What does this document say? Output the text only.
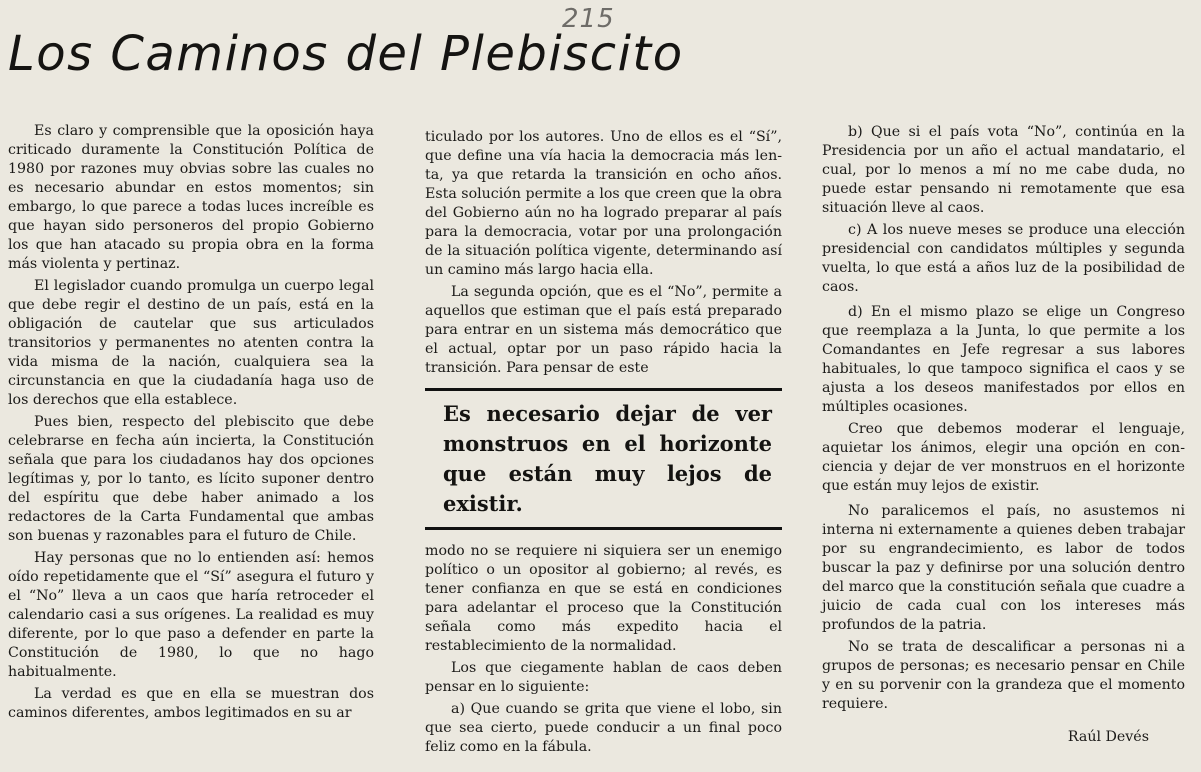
215
Los Caminos del Plebiscito

Es claro y comprensible que la oposición haya criticado duramente la Constitución Política de 1980 por razones muy obvias sobre las cuales no es necesario abundar en estos momentos; sin embargo, lo que parece a todas luces increíble es que hayan sido personeros del propio Gobierno los que han atacado su propia obra en la forma más violenta y pertinaz.

El legislador cuando promulga un cuerpo legal que debe regir el destino de un país, está en la obligación de cautelar que sus articulados transitorios y permanentes no atenten contra la vida misma de la nación, cualquiera sea la circunstancia en que la ciudadanía haga uso de los derechos que ella establece.

Pues bien, respecto del plebiscito que debe celebrarse en fecha aún incierta, la Constitución señala que para los ciudadanos hay dos opciones legítimas y, por lo tanto, es lícito suponer dentro del espíritu que debe haber animado a los redactores de la Carta Fundamental que ambas son buenas y razonables para el futuro de Chile.

Hay personas que no lo entienden así: hemos oído repetidamente que el “Sí” asegura el futuro y el “No” lleva a un caos que haría retroceder el calendario casi a sus orígenes. La realidad es muy diferente, por lo que paso a defender en parte la Constitución de 1980, lo que no hago habitualmente.

La verdad es que en ella se muestran dos caminos diferentes, ambos legitimados en su ar

ticulado por los autores. Uno de ellos es el “Sí”, que define una vía hacia la democracia más lenta, ya que retarda la transición en ocho años. Esta solución permite a los que creen que la obra del Gobierno aún no ha logrado preparar al país para la democracia, votar por una prolongación de la situación política vigente, determinando así un camino más largo hacia ella.

La segunda opción, que es el “No”, permite a aquellos que estiman que el país está preparado para entrar en un sistema más democrático que el actual, optar por un paso rápido hacia la transición. Para pensar de este

Es necesario dejar de ver monstruos en el horizonte que están muy lejos de existir.

modo no se requiere ni siquiera ser un enemigo político o un opositor al gobierno; al revés, es tener confianza en que se está en condiciones para adelantar el proceso que la Constitución señala como más expedito hacia el restablecimiento de la normalidad.

Los que ciegamente hablan de caos deben pensar en lo siguiente:

a) Que cuando se grita que viene el lobo, sin que sea cierto, puede conducir a un final poco feliz como en la fábula.

b) Que si el país vota “No”, continúa en la Presidencia por un año el actual mandatario, el cual, por lo menos a mí no me cabe duda, no puede estar pensando ni remotamente que esa situación lleve al caos.

c) A los nueve meses se produce una elección presidencial con candidatos múltiples y segunda vuelta, lo que está a años luz de la posibilidad de caos.

d) En el mismo plazo se elige un Congreso que reemplaza a la Junta, lo que permite a los Comandantes en Jefe regresar a sus labores habituales, lo que tampoco significa el caos y se ajusta a los deseos manifestados por ellos en múltiples ocasiones.

Creo que debemos moderar el lenguaje, aquietar los ánimos, elegir una opción en conciencia y dejar de ver monstruos en el horizonte que están muy lejos de existir.

No paralicemos el país, no asustemos ni interna ni externamente a quienes deben trabajar por su engrandecimiento, es labor de todos buscar la paz y definirse por una solución dentro del marco que la constitución señala que cuadre a juicio de cada cual con los intereses más profundos de la patria.

No se trata de descalificar a personas ni a grupos de personas; es necesario pensar en Chile y en su porvenir con la grandeza que el momento requiere.

Raúl Devés
